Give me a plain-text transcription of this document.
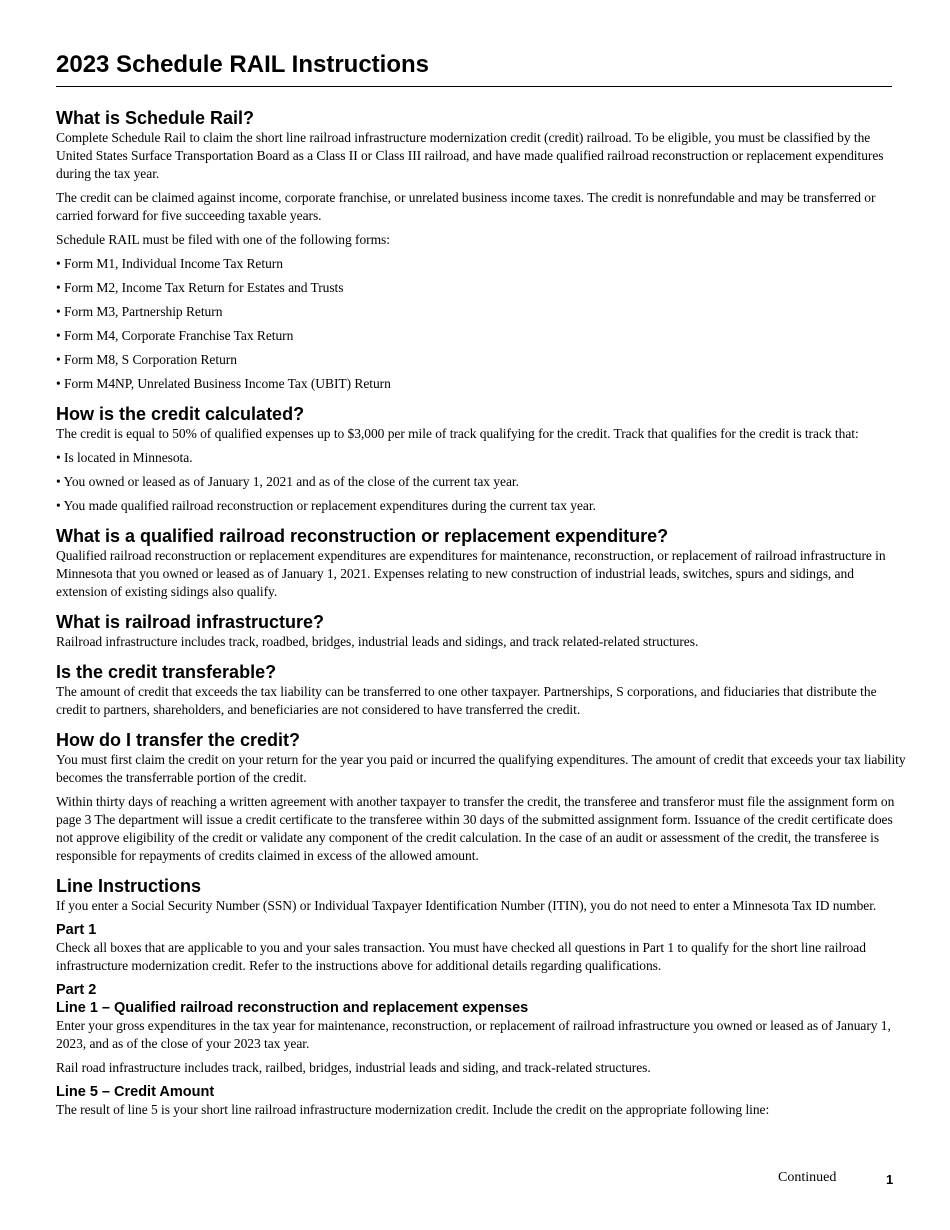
2023 Schedule RAIL Instructions
What is Schedule Rail?

Complete Schedule Rail to claim the short line railroad infrastructure modernization credit (credit) railroad. To be eligible, you must be classified by the United States Surface Transportation Board as a Class II or Class III railroad, and have made qualified railroad reconstruction or replacement expenditures during the tax year.

The credit can be claimed against income, corporate franchise, or unrelated business income taxes. The credit is nonrefundable and may be transferred or carried forward for five succeeding taxable years.

Schedule RAIL must be filed with one of the following forms:

• Form M1, Individual Income Tax Return
• Form M2, Income Tax Return for Estates and Trusts
• Form M3, Partnership Return
• Form M4, Corporate Franchise Tax Return
• Form M8, S Corporation Return
• Form M4NP, Unrelated Business Income Tax (UBIT) Return
How is the credit calculated?

The credit is equal to 50% of qualified expenses up to $3,000 per mile of track qualifying for the credit. Track that qualifies for the credit is track that:

• Is located in Minnesota.
• You owned or leased as of January 1, 2021 and as of the close of the current tax year.
• You made qualified railroad reconstruction or replacement expenditures during the current tax year.
What is a qualified railroad reconstruction or replacement expenditure?

Qualified railroad reconstruction or replacement expenditures are expenditures for maintenance, reconstruction, or replacement of railroad infrastructure in Minnesota that you owned or leased as of January 1, 2021. Expenses relating to new construction of industrial leads, switches, spurs and sidings, and extension of existing sidings also qualify.

What is railroad infrastructure?

Railroad infrastructure includes track, roadbed, bridges, industrial leads and sidings, and track related-related structures.

Is the credit transferable?

The amount of credit that exceeds the tax liability can be transferred to one other taxpayer. Partnerships, S corporations, and fiduciaries that distribute the credit to partners, shareholders, and beneficiaries are not considered to have transferred the credit.

How do I transfer the credit?

You must first claim the credit on your return for the year you paid or incurred the qualifying expenditures. The amount of credit that exceeds your tax liability becomes the transferrable portion of the credit.

Within thirty days of reaching a written agreement with another taxpayer to transfer the credit, the transferee and transferor must file the assignment form on page 3 The department will issue a credit certificate to the transferee within 30 days of the submitted assignment form. Issuance of the credit certificate does not approve eligibility of the credit or validate any component of the credit calculation. In the case of an audit or assessment of the credit, the transferee is responsible for repayments of credits claimed in excess of the allowed amount.

Line Instructions

If you enter a Social Security Number (SSN) or Individual Taxpayer Identification Number (ITIN), you do not need to enter a Minnesota Tax ID number.

Part 1

Check all boxes that are applicable to you and your sales transaction. You must have checked all questions in Part 1 to qualify for the short line railroad infrastructure modernization credit. Refer to the instructions above for additional details regarding qualifications.

Part 2
Line 1 – Qualified railroad reconstruction and replacement expenses

Enter your gross expenditures in the tax year for maintenance, reconstruction, or replacement of railroad infrastructure you owned or leased as of January 1, 2023, and as of the close of your 2023 tax year.

Rail road infrastructure includes track, railbed, bridges, industrial leads and siding, and track-related structures.

Line 5 – Credit Amount

The result of line 5 is your short line railroad infrastructure modernization credit. Include the credit on the appropriate following line:

Continued	1
